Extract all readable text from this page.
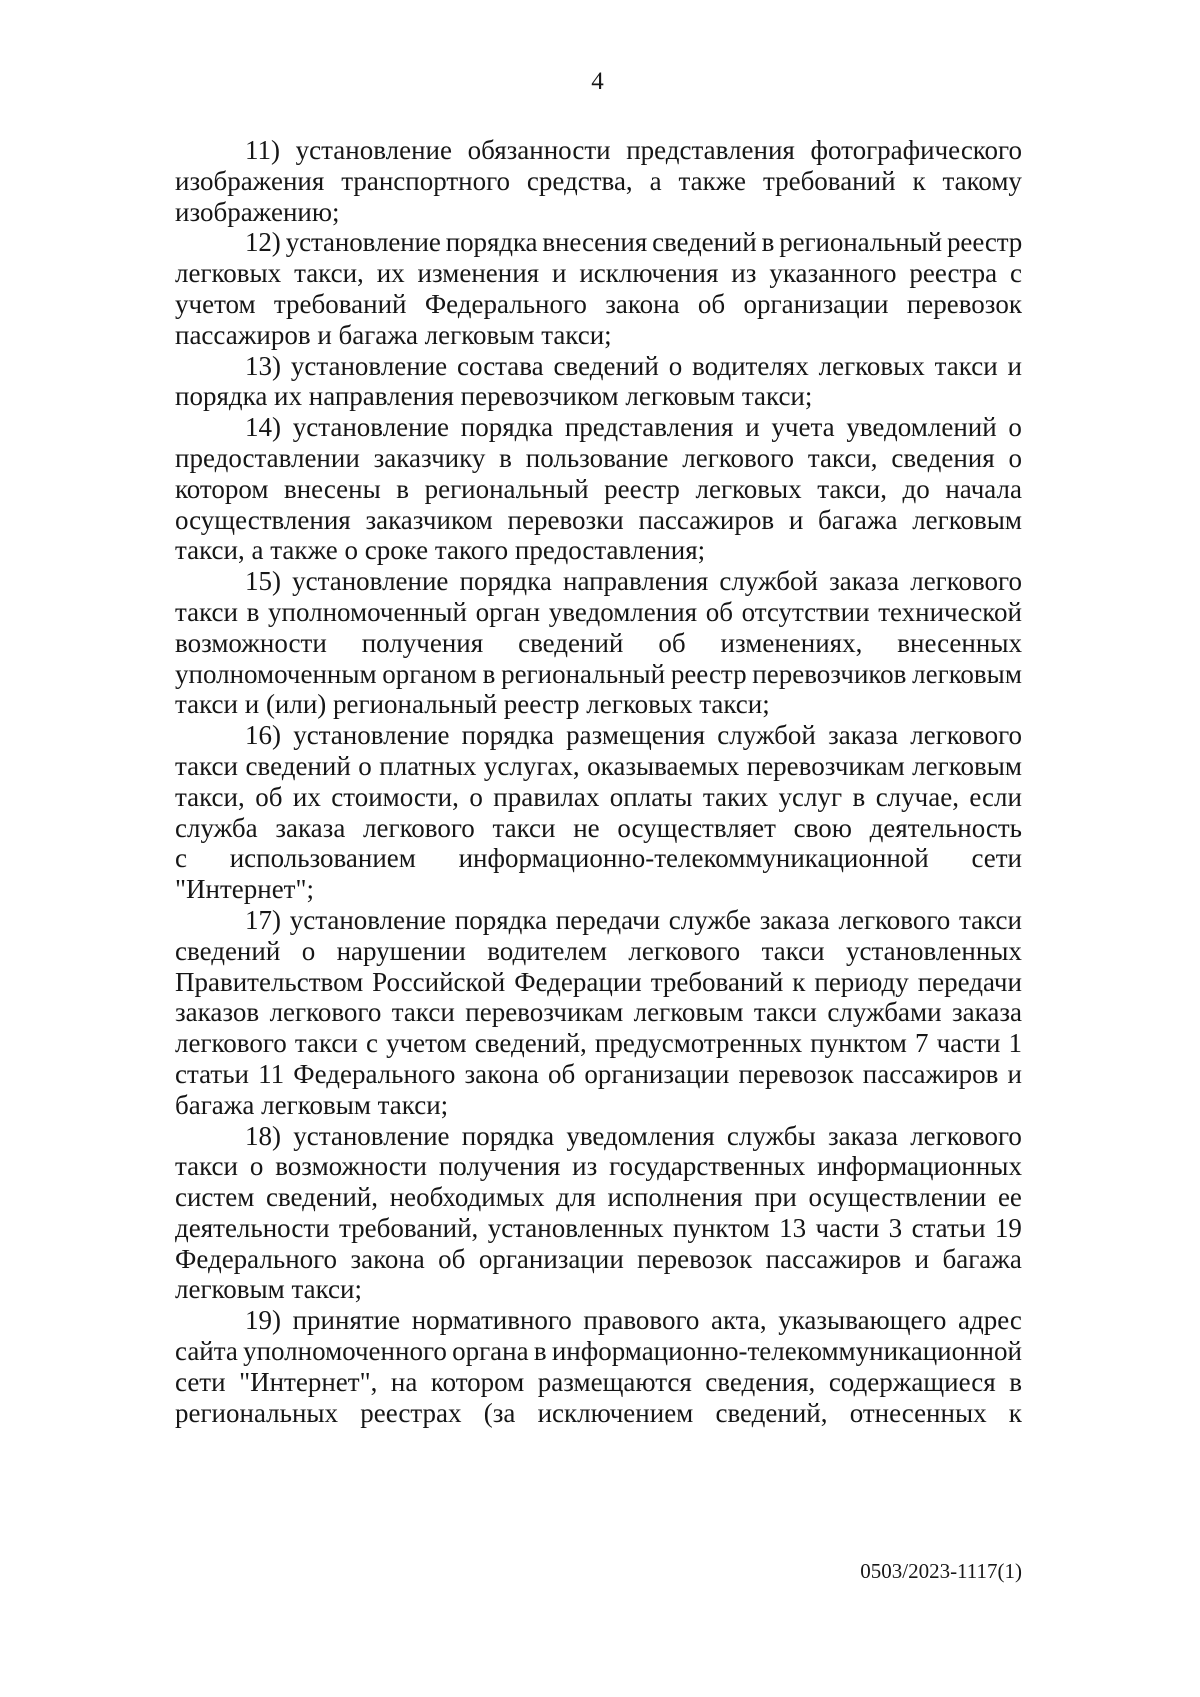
4
11) установление обязанности представления фотографического
изображения транспортного средства, а также требований к такому
изображению;
12) установление порядка внесения сведений в региональный реестр
легковых такси, их изменения и исключения из указанного реестра с
учетом требований Федерального закона об организации перевозок
пассажиров и багажа легковым такси;
13) установление состава сведений о водителях легковых такси и
порядка их направления перевозчиком легковым такси;
14) установление порядка представления и учета уведомлений о
предоставлении заказчику в пользование легкового такси, сведения о
котором внесены в региональный реестр легковых такси, до начала
осуществления заказчиком перевозки пассажиров и багажа легковым
такси, а также о сроке такого предоставления;
15) установление порядка направления службой заказа легкового
такси в уполномоченный орган уведомления об отсутствии технической
возможности получения сведений об изменениях, внесенных
уполномоченным органом в региональный реестр перевозчиков легковым
такси и (или) региональный реестр легковых такси;
16) установление порядка размещения службой заказа легкового
такси сведений о платных услугах, оказываемых перевозчикам легковым
такси, об их стоимости, о правилах оплаты таких услуг в случае, если
служба заказа легкового такси не осуществляет свою деятельность
с использованием информационно-телекоммуникационной сети
"Интернет";
17) установление порядка передачи службе заказа легкового такси
сведений о нарушении водителем легкового такси установленных
Правительством Российской Федерации требований к периоду передачи
заказов легкового такси перевозчикам легковым такси службами заказа
легкового такси с учетом сведений, предусмотренных пунктом 7 части 1
статьи 11 Федерального закона об организации перевозок пассажиров и
багажа легковым такси;
18) установление порядка уведомления службы заказа легкового
такси о возможности получения из государственных информационных
систем сведений, необходимых для исполнения при осуществлении ее
деятельности требований, установленных пунктом 13 части 3 статьи 19
Федерального закона об организации перевозок пассажиров и багажа
легковым такси;
19) принятие нормативного правового акта, указывающего адрес
сайта уполномоченного органа в информационно-телекоммуникационной
сети "Интернет", на котором размещаются сведения, содержащиеся в
региональных реестрах (за исключением сведений, отнесенных к
0503/2023-1117(1)
